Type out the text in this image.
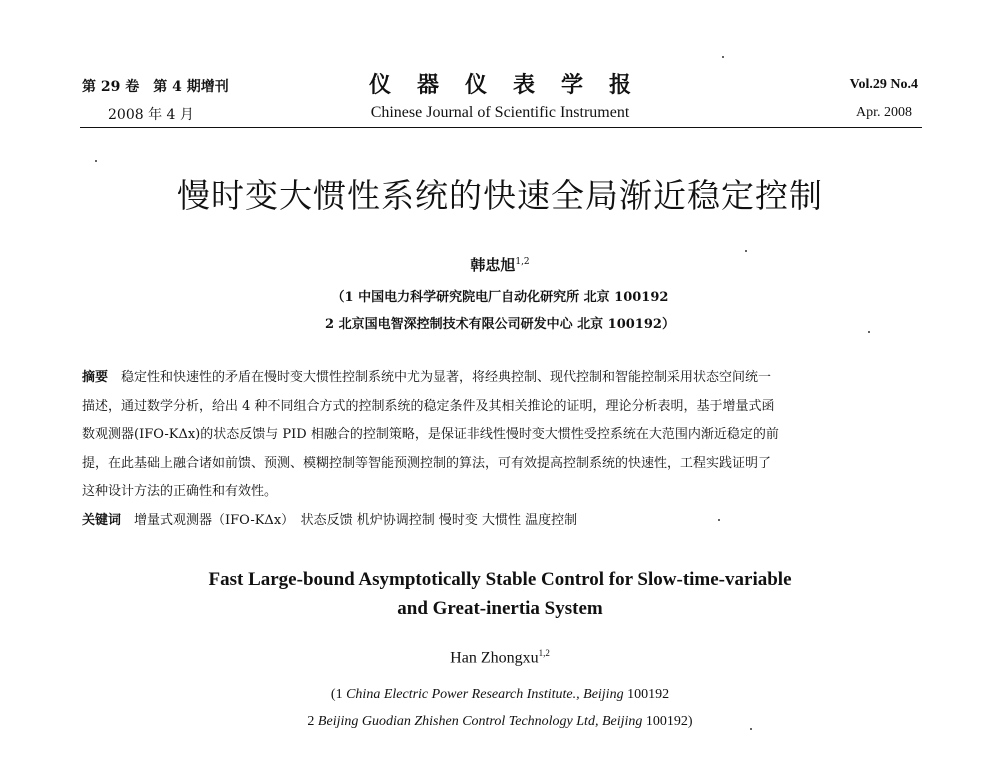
第 29 卷　第 4 期增刊
2008 年 4 月
仪器仪表学报
Chinese Journal of Scientific Instrument
Vol.29 No.4
Apr. 2008
慢时变大惯性系统的快速全局渐近稳定控制
韩忠旭$^{1,2}$
（1 中国电力科学研究院电厂自动化研究所 北京 100192
2 北京国电智深控制技术有限公司研发中心 北京 100192）
摘要　 稳定性和快速性的矛盾在慢时变大惯性控制系统中尤为显著，将经典控制、现代控制和智能控制采用状态空间统一
描述，通过数学分析，给出 4 种不同组合方式的控制系统的稳定条件及其相关推论的证明，理论分析表明，基于增量式函
数观测器(IFO-KΔx)的状态反馈与 PID 相融合的控制策略，是保证非线性慢时变大惯性受控系统在大范围内渐近稳定的前
提，在此基础上融合诸如前馈、预测、模糊控制等智能预测控制的算法，可有效提高控制系统的快速性，工程实践证明了
这种设计方法的正确性和有效性。
关键词　 增量式观测器（IFO-KΔx）　状态反馈 机炉协调控制 慢时变 大惯性 温度控制
Fast Large-bound Asymptotically Stable Control for Slow-time-variable
and Great-inertia System
Han Zhongxu$^{1,2}$
(1 China Electric Power Research Institute., Beijing 100192
2 Beijing Guodian Zhishen Control Technology Ltd, Beijing 100192)
